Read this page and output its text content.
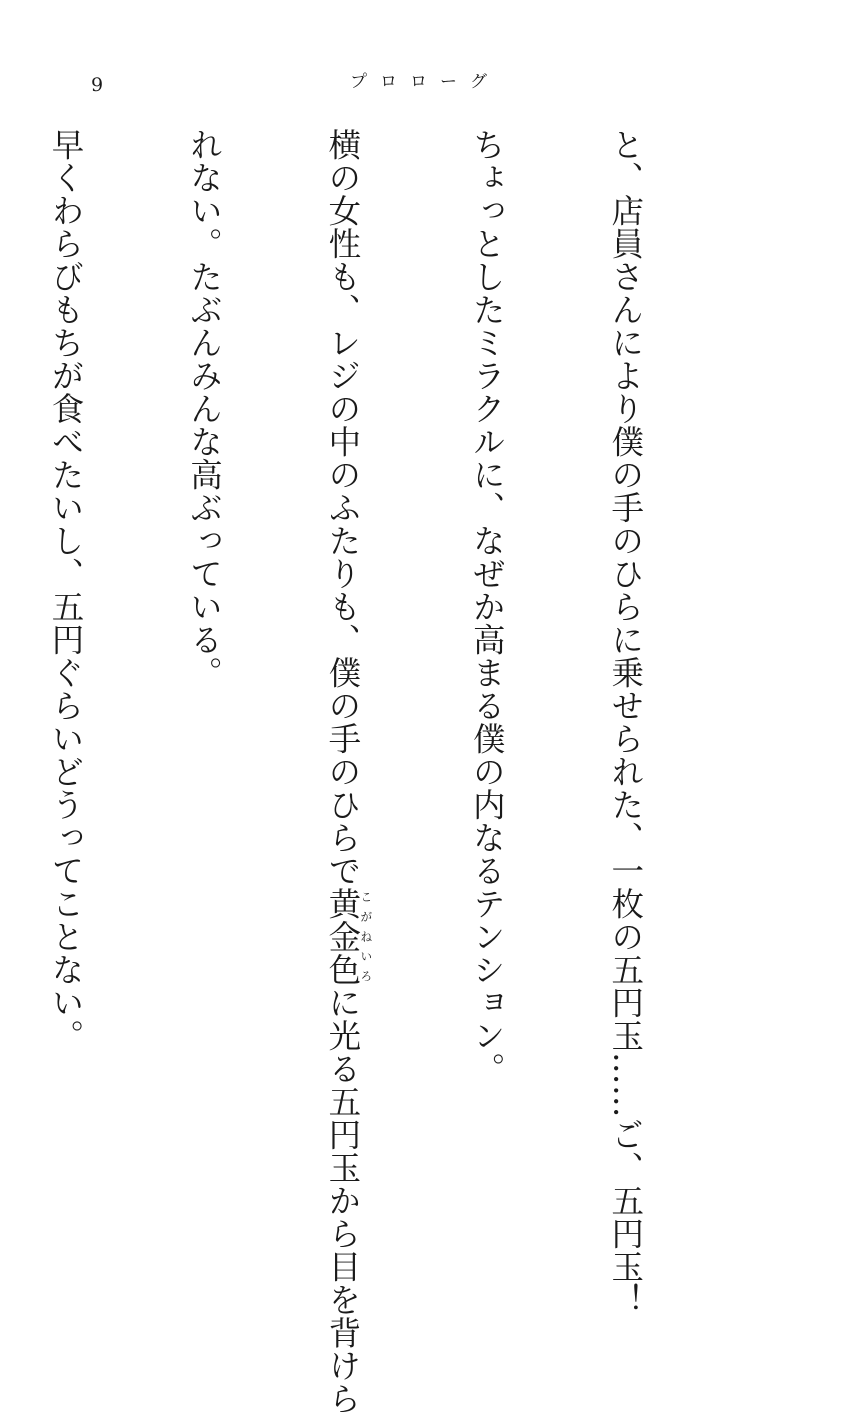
9	プロローグ

と、店員さんにより僕の手のひらに乗せられた、一枚の五円玉……ご、五円玉！

ちょっとしたミラクルに、なぜか高まる僕の内なるテンション。

横の女性も、レジの中のふたりも、僕の手のひらで黄金色こがねいろに光る五円玉から目を背けら

れない。たぶんみんな高ぶっている。

早くわらびもちが食べたいし、五円ぐらいどうってことない。
